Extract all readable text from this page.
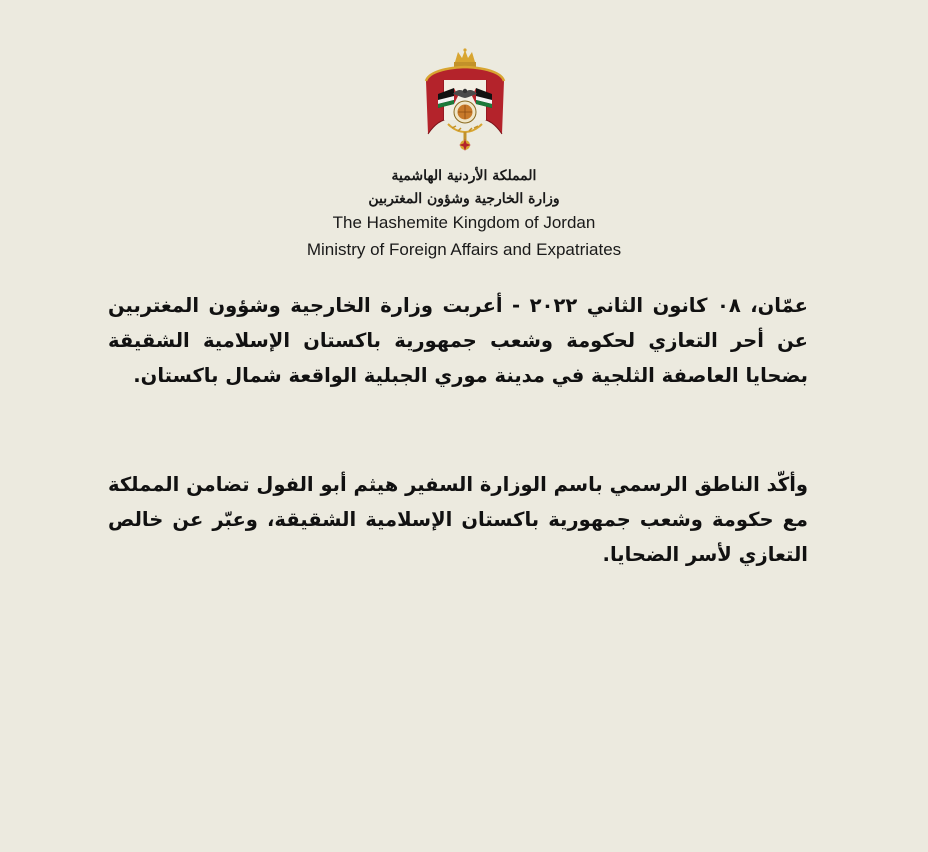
المملكة الأردنية الهاشمية
وزارة الخارجية وشؤون المغتربين
The Hashemite Kingdom of Jordan
Ministry of Foreign Affairs and Expatriates
عمّان، ٠٨ كانون الثاني ٢٠٢٢ - أعربت وزارة الخارجية وشؤون المغتربين عن أحر التعازي لحكومة وشعب جمهورية باكستان الإسلامية الشقيقة بضحايا العاصفة الثلجية في مدينة موري الجبلية الواقعة شمال باكستان.
وأكّد الناطق الرسمي باسم الوزارة السفير هيثم أبو الفول تضامن المملكة مع حكومة وشعب جمهورية باكستان الإسلامية الشقيقة، وعبّر عن خالص التعازي لأسر الضحايا.
